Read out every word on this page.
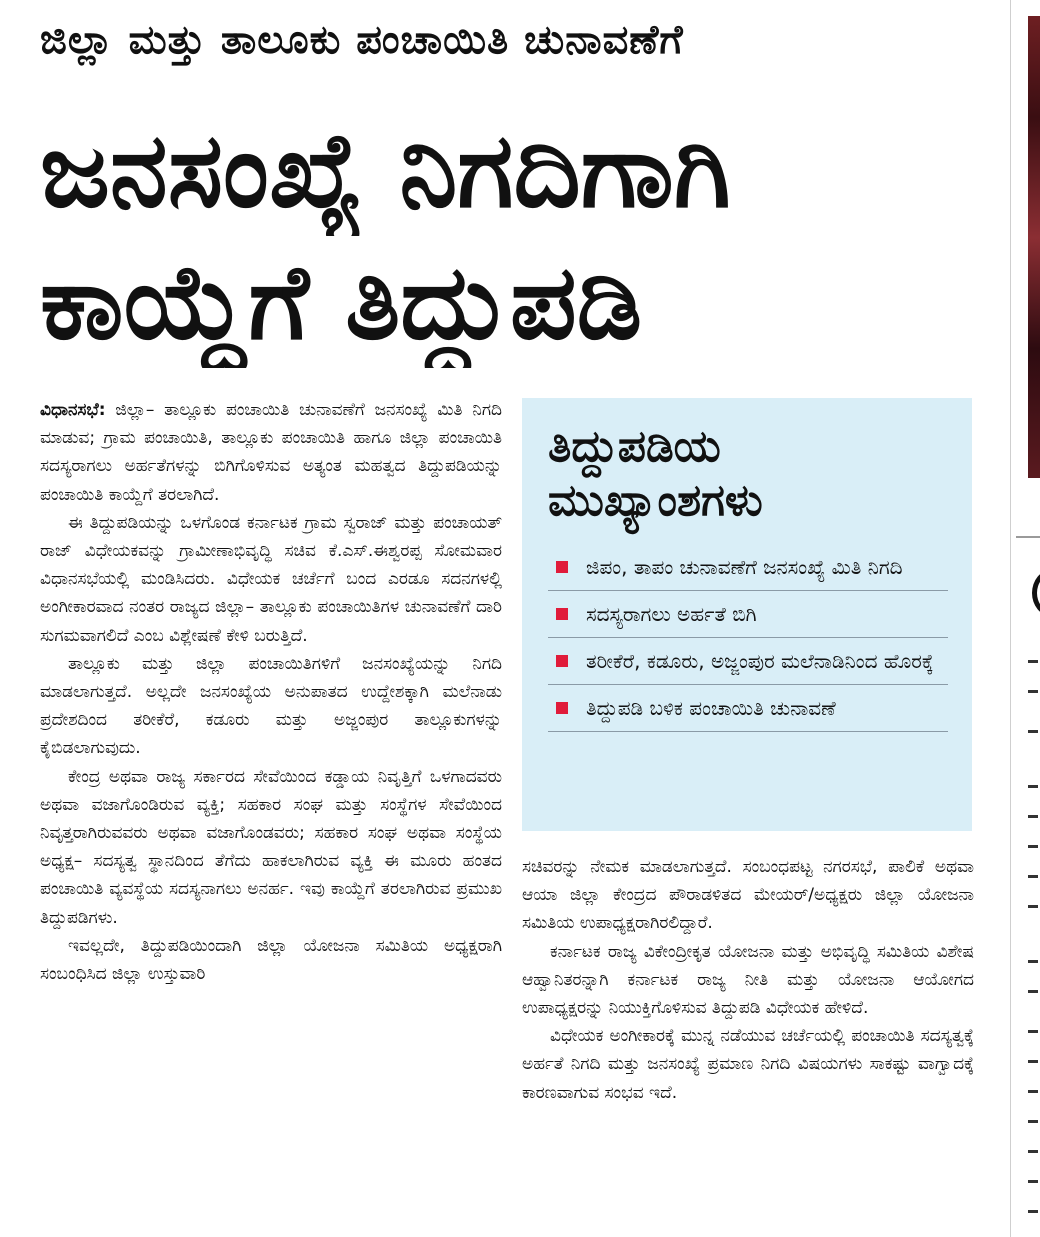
ಜಿಲ್ಲಾ ಮತ್ತು ತಾಲೂಕು ಪಂಚಾಯಿತಿ ಚುನಾವಣೆಗೆ
ಜನಸಂಖ್ಯೆ ನಿಗದಿಗಾಗಿ
ಕಾಯ್ದೆಗೆ ತಿದ್ದುಪಡಿ

ವಿಧಾನಸಭೆ: ಜಿಲ್ಲಾ– ತಾಲ್ಲೂಕು ಪಂಚಾಯಿತಿ ಚುನಾವಣೆಗೆ ಜನಸಂಖ್ಯೆ ಮಿತಿ ನಿಗದಿ ಮಾಡುವ; ಗ್ರಾಮ ಪಂಚಾಯಿತಿ, ತಾಲ್ಲೂಕು ಪಂಚಾಯಿತಿ ಹಾಗೂ ಜಿಲ್ಲಾ ಪಂಚಾಯಿತಿ ಸದಸ್ಯರಾಗಲು ಅರ್ಹತೆಗಳನ್ನು ಬಿಗಿಗೊಳಿಸುವ ಅತ್ಯಂತ ಮಹತ್ವದ ತಿದ್ದುಪಡಿಯನ್ನು ಪಂಚಾಯಿತಿ ಕಾಯ್ದೆಗೆ ತರಲಾಗಿದೆ.

ಈ ತಿದ್ದುಪಡಿಯನ್ನು ಒಳಗೊಂಡ ಕರ್ನಾಟಕ ಗ್ರಾಮ ಸ್ವರಾಜ್ ಮತ್ತು ಪಂಚಾಯತ್ ರಾಜ್ ವಿಧೇಯಕವನ್ನು ಗ್ರಾಮೀಣಾಭಿವೃದ್ಧಿ ಸಚಿವ ಕೆ.ಎಸ್.ಈಶ್ವರಪ್ಪ ಸೋಮವಾರ ವಿಧಾನಸಭೆಯಲ್ಲಿ ಮಂಡಿಸಿದರು. ವಿಧೇಯಕ ಚರ್ಚೆಗೆ ಬಂದ ಎರಡೂ ಸದನಗಳಲ್ಲಿ ಅಂಗೀಕಾರವಾದ ನಂತರ ರಾಜ್ಯದ ಜಿಲ್ಲಾ– ತಾಲ್ಲೂಕು ಪಂಚಾಯಿತಿಗಳ ಚುನಾವಣೆಗೆ ದಾರಿ ಸುಗಮವಾಗಲಿದೆ ಎಂಬ ವಿಶ್ಲೇಷಣೆ ಕೇಳಿ ಬರುತ್ತಿದೆ.

ತಾಲ್ಲೂಕು ಮತ್ತು ಜಿಲ್ಲಾ ಪಂಚಾಯಿತಿಗಳಿಗೆ ಜನಸಂಖ್ಯೆಯನ್ನು ನಿಗದಿ ಮಾಡಲಾಗುತ್ತದೆ. ಅಲ್ಲದೇ ಜನಸಂಖ್ಯೆಯ ಅನುಪಾತದ ಉದ್ದೇಶಕ್ಕಾಗಿ ಮಲೆನಾಡು ಪ್ರದೇಶದಿಂದ ತರೀಕೆರೆ, ಕಡೂರು ಮತ್ತು ಅಜ್ಜಂಪುರ ತಾಲ್ಲೂಕುಗಳನ್ನು ಕೈಬಿಡಲಾಗುವುದು.

ಕೇಂದ್ರ ಅಥವಾ ರಾಜ್ಯ ಸರ್ಕಾರದ ಸೇವೆಯಿಂದ ಕಡ್ಡಾಯ ನಿವೃತ್ತಿಗೆ ಒಳಗಾದವರು ಅಥವಾ ವಜಾಗೊಂಡಿರುವ ವ್ಯಕ್ತಿ; ಸಹಕಾರ ಸಂಘ ಮತ್ತು ಸಂಸ್ಥೆಗಳ ಸೇವೆಯಿಂದ ನಿವೃತ್ತರಾಗಿರುವವರು ಅಥವಾ ವಜಾಗೊಂಡವರು; ಸಹಕಾರ ಸಂಘ ಅಥವಾ ಸಂಸ್ಥೆಯ ಅಧ್ಯಕ್ಷ– ಸದಸ್ಯತ್ವ ಸ್ಥಾನದಿಂದ ತೆಗೆದು ಹಾಕಲಾಗಿರುವ ವ್ಯಕ್ತಿ ಈ ಮೂರು ಹಂತದ ಪಂಚಾಯಿತಿ ವ್ಯವಸ್ಥೆಯ ಸದಸ್ಯನಾಗಲು ಅನರ್ಹ. ಇವು ಕಾಯ್ದೆಗೆ ತರಲಾಗಿರುವ ಪ್ರಮುಖ ತಿದ್ದುಪಡಿಗಳು.

ಇವಲ್ಲದೇ, ತಿದ್ದುಪಡಿಯಿಂದಾಗಿ ಜಿಲ್ಲಾ ಯೋಜನಾ ಸಮಿತಿಯ ಅಧ್ಯಕ್ಷರಾಗಿ ಸಂಬಂಧಿಸಿದ ಜಿಲ್ಲಾ ಉಸ್ತುವಾರಿ

ತಿದ್ದುಪಡಿಯ
ಮುಖ್ಯಾಂಶಗಳು
ಜಿಪಂ, ತಾಪಂ ಚುನಾವಣೆಗೆ ಜನಸಂಖ್ಯೆ ಮಿತಿ ನಿಗದಿ
ಸದಸ್ಯರಾಗಲು ಅರ್ಹತೆ ಬಿಗಿ
ತರೀಕೆರೆ, ಕಡೂರು, ಅಜ್ಜಂಪುರ ಮಲೆನಾಡಿನಿಂದ ಹೊರಕ್ಕೆ
ತಿದ್ದುಪಡಿ ಬಳಿಕ ಪಂಚಾಯಿತಿ ಚುನಾವಣೆ

ಸಚಿವರನ್ನು ನೇಮಕ ಮಾಡಲಾಗುತ್ತದೆ. ಸಂಬಂಧಪಟ್ಟ ನಗರಸಭೆ, ಪಾಲಿಕೆ ಅಥವಾ ಆಯಾ ಜಿಲ್ಲಾ ಕೇಂದ್ರದ ಪೌರಾಡಳಿತದ ಮೇಯರ್/ಅಧ್ಯಕ್ಷರು ಜಿಲ್ಲಾ ಯೋಜನಾ ಸಮಿತಿಯ ಉಪಾಧ್ಯಕ್ಷರಾಗಿರಲಿದ್ದಾರೆ.

ಕರ್ನಾಟಕ ರಾಜ್ಯ ವಿಕೇಂದ್ರೀಕೃತ ಯೋಜನಾ ಮತ್ತು ಅಭಿವೃದ್ಧಿ ಸಮಿತಿಯ ವಿಶೇಷ ಆಹ್ವಾನಿತರನ್ನಾಗಿ ಕರ್ನಾಟಕ ರಾಜ್ಯ ನೀತಿ ಮತ್ತು ಯೋಜನಾ ಆಯೋಗದ ಉಪಾಧ್ಯಕ್ಷರನ್ನು ನಿಯುಕ್ತಿಗೊಳಿಸುವ ತಿದ್ದುಪಡಿ ವಿಧೇಯಕ ಹೇಳಿದೆ.

ವಿಧೇಯಕ ಅಂಗೀಕಾರಕ್ಕೆ ಮುನ್ನ ನಡೆಯುವ ಚರ್ಚೆಯಲ್ಲಿ ಪಂಚಾಯಿತಿ ಸದಸ್ಯತ್ವಕ್ಕೆ ಅರ್ಹತೆ ನಿಗದಿ ಮತ್ತು ಜನಸಂಖ್ಯೆ ಪ್ರಮಾಣ ನಿಗದಿ ವಿಷಯಗಳು ಸಾಕಷ್ಟು ವಾಗ್ವಾದಕ್ಕೆ ಕಾರಣವಾಗುವ ಸಂಭವ ಇದೆ.
